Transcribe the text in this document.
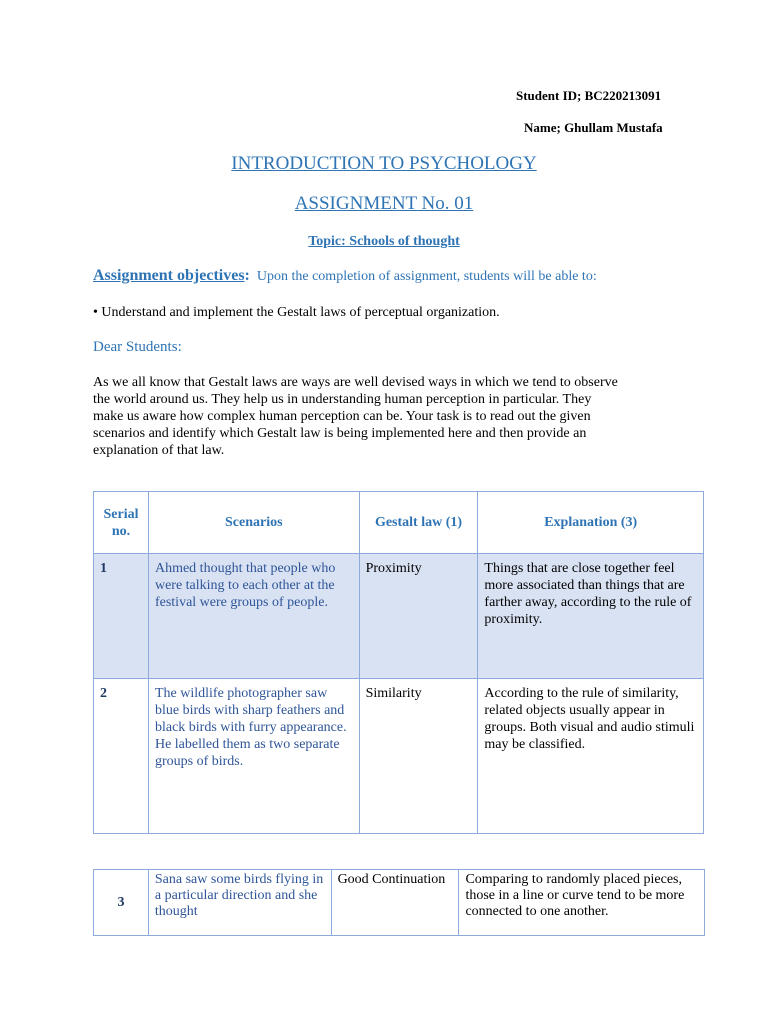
Student ID; BC220213091
Name; Ghullam Mustafa
INTRODUCTION TO PSYCHOLOGY
ASSIGNMENT No. 01
Topic: Schools of thought
Assignment objectives: Upon the completion of assignment, students will be able to:
• Understand and implement the Gestalt laws of perceptual organization.
Dear Students:
As we all know that Gestalt laws are ways are well devised ways in which we tend to observe
the world around us. They help us in understanding human perception in particular. They
make us aware how complex human perception can be. Your task is to read out the given
scenarios and identify which Gestalt law is being implemented here and then provide an
explanation of that law.
Serial no.	Scenarios	Gestalt law (1)	Explanation (3)
1	Ahmed thought that people who were talking to each other at the festival were groups of people.	Proximity	Things that are close together feel more associated than things that are farther away, according to the rule of proximity.
2	The wildlife photographer saw blue birds with sharp feathers and black birds with furry appearance. He labelled them as two separate groups of birds.	Similarity	According to the rule of similarity, related objects usually appear in groups. Both visual and audio stimuli may be classified.
3	Sana saw some birds flying in a particular direction and she thought	Good Continuation	Comparing to randomly placed pieces, those in a line or curve tend to be more connected to one another.
